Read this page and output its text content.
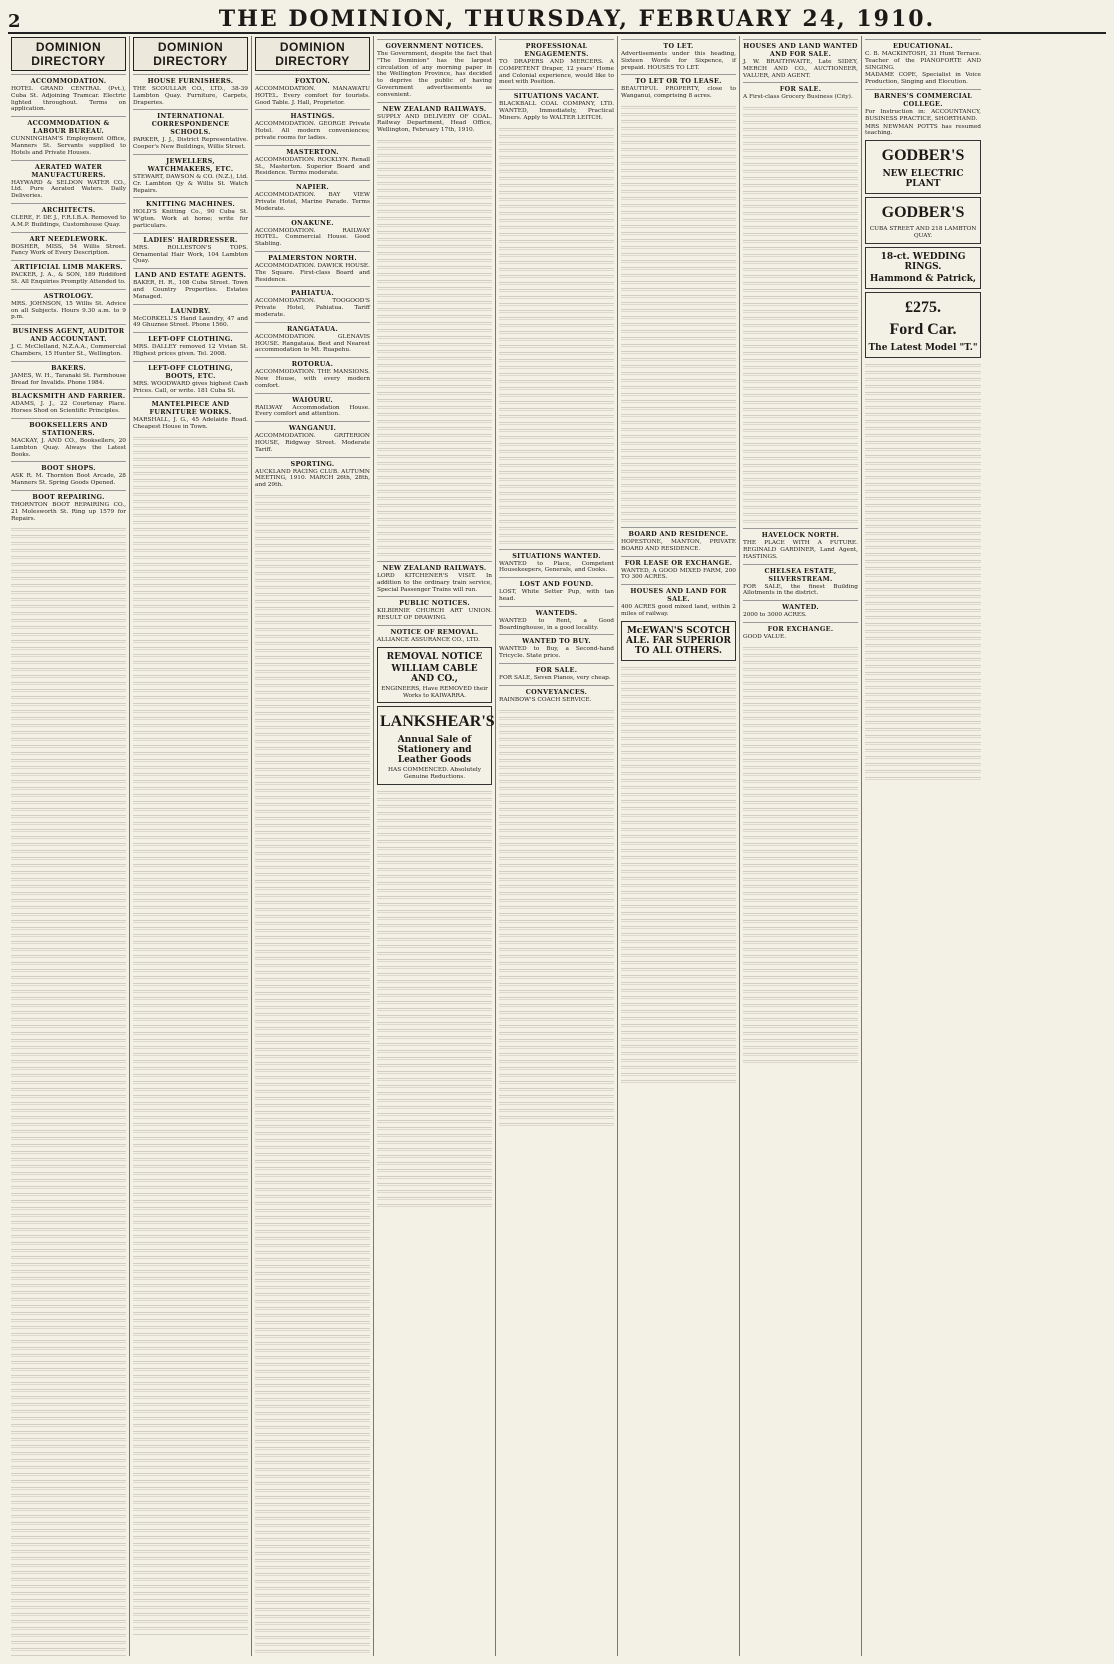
2	THE DOMINION, THURSDAY, FEBRUARY 24, 1910.
DOMINION DIRECTORY
ACCOMMODATION.
HOTEL GRAND CENTRAL (Pvt.), Cuba St. Adjoining Tramcar. Electric lighted throughout. Terms on application.
ACCOMMODATION & LABOUR BUREAU.
CUNNINGHAM'S Employment Office, Manners St. Servants supplied to Hotels and Private Houses.
AERATED WATER MANUFACTURERS.
HAYWARD & SELDON WATER CO., Ltd. Pure Aerated Waters. Daily Deliveries.
ARCHITECTS.
CLERE, F. DE J., F.R.I.B.A. Removed to A.M.P. Buildings, Customhouse Quay.
ART NEEDLEWORK.
BOSHER, MISS, 54 Willis Street. Fancy Work of Every Description.
ARTIFICIAL LIMB MAKERS.
PACKER, J. A., & SON, 189 Riddiford St. All Enquiries Promptly Attended to.
ASTROLOGY.
MRS. JOHNSON, 15 Willis St. Advice on all Subjects. Hours 9.30 a.m. to 9 p.m.
BUSINESS AGENT, AUDITOR AND ACCOUNTANT.
J. C. McClelland, N.Z.A.A., Commercial Chambers, 15 Hunter St., Wellington.
BAKERS.
JAMES, W. H., Taranaki St. Farmhouse Bread for Invalids. Phone 1984.
BLACKSMITH AND FARRIER.
ADAMS, J. J., 22 Courtenay Place. Horses Shod on Scientific Principles.
BOOKSELLERS AND STATIONERS.
MACKAY, J. AND CO., Booksellers, 20 Lambton Quay. Always the Latest Books.
BOOT SHOPS.
ASK R. M. Thornton Boot Arcade, 28 Manners St. Spring Goods Opened.
BOOT REPAIRING.
THORNTON BOOT REPAIRING CO., 21 Molesworth St. Ring up 1579 for Repairs.
DOMINION DIRECTORY
HOUSE FURNISHERS.
THE SCOULLAR CO., LTD., 38-39 Lambton Quay. Furniture, Carpets, Draperies.
INTERNATIONAL CORRESPONDENCE SCHOOLS.
PARKER, J. J., District Representative. Cooper's New Buildings, Willis Street.
JEWELLERS, WATCHMAKERS, ETC.
STEWART, DAWSON & CO. (N.Z.), Ltd. Cr. Lambton Qy & Willis St. Watch Repairs.
KNITTING MACHINES.
HOLD'S Knitting Co., 90 Cuba St. W'gton. Work at home; write for particulars.
LADIES' HAIRDRESSER.
MRS. ROLLESTON'S TOPS. Ornamental Hair Work, 104 Lambton Quay.
LAND AND ESTATE AGENTS.
BAKER, H. R., 108 Cuba Street. Town and Country Properties. Estates Managed.
LAUNDRY.
McCORKELL'S Hand Laundry, 47 and 49 Ghuznee Street. Phone 1560.
LEFT-OFF CLOTHING.
MRS. DALLEY removed 12 Vivian St. Highest prices given. Tel. 2008.
LEFT-OFF CLOTHING, BOOTS, ETC.
MRS. WOODWARD gives highest Cash Prices. Call, or write. 181 Cuba St.
MANTELPIECE AND FURNITURE WORKS.
MARSHALL, J. G., 45 Adelaide Road. Cheapest House in Town.
DOMINION DIRECTORY
FOXTON.
ACCOMMODATION. MANAWATU HOTEL. Every comfort for tourists. Good Table. J. Hall, Proprietor.
HASTINGS.
ACCOMMODATION. GEORGE Private Hotel. All modern conveniences; private rooms for ladies.
MASTERTON.
ACCOMMODATION. ROCKLYN. Renall St., Masterton. Superior Board and Residence. Terms moderate.
NAPIER.
ACCOMMODATION. BAY VIEW Private Hotel, Marine Parade. Terms Moderate.
ONAKUNE.
ACCOMMODATION. RAILWAY HOTEL. Commercial House. Good Stabling.
PALMERSTON NORTH.
ACCOMMODATION. DAWICK HOUSE. The Square. First-class Board and Residence.
PAHIATUA.
ACCOMMODATION. TOOGOOD'S Private Hotel, Pahiatua. Tariff moderate.
RANGATAUA.
ACCOMMODATION. GLENAVIS HOUSE. Rangataua. Best and Nearest accommodation to Mt. Ruapehu.
ROTORUA.
ACCOMMODATION. THE MANSIONS. New House, with every modern comfort.
WAIOURU.
RAILWAY Accommodation House. Every comfort and attention.
WANGANUI.
ACCOMMODATION. GRITERION HOUSE, Ridgway Street. Moderate Tariff.
SPORTING.
AUCKLAND RACING CLUB. AUTUMN MEETING, 1910. MARCH 26th, 28th, and 29th.
GOVERNMENT NOTICES.
The Government, despite the fact that "The Dominion" has the largest circulation of any morning paper in the Wellington Province, has decided to deprive the public of having Government advertisements as convenient.
NEW ZEALAND RAILWAYS.
SUPPLY AND DELIVERY OF COAL. Railway Department, Head Office, Wellington, February 17th, 1910.
NEW ZEALAND RAILWAYS.
LORD KITCHENER'S VISIT. In addition to the ordinary train service, Special Passenger Trains will run.
PUBLIC NOTICES.
KILBIRNIE CHURCH ART UNION. RESULT OF DRAWING.
NOTICE OF REMOVAL.
ALLIANCE ASSURANCE CO., LTD.
REMOVAL NOTICE
WILLIAM CABLE AND CO.,
ENGINEERS, Have REMOVED their Works to KAIWARRA.
LANKSHEAR'S
Annual Sale of Stationery and Leather Goods
HAS COMMENCED. Absolutely Genuine Reductions.
PROFESSIONAL ENGAGEMENTS.
TO DRAPERS AND MERCERS. A COMPETENT Draper, 12 years' Home and Colonial experience, would like to meet with Position.
SITUATIONS VACANT.
BLACKBALL COAL COMPANY, LTD. WANTED, Immediately, Practical Miners. Apply to WALTER LEITCH.
SITUATIONS WANTED.
WANTED to Place, Competent Housekeepers, Generals, and Cooks.
LOST AND FOUND.
LOST, White Setter Pup, with tan head.
WANTEDS.
WANTED to Rent, a Good Boardinghouse, in a good locality.
WANTED TO BUY.
WANTED to Buy, a Second-hand Tricycle. State price.
FOR SALE.
FOR SALE, Seven Pianos, very cheap.
CONVEYANCES.
RAINBOW'S COACH SERVICE.
TO LET.
Advertisements under this heading, Sixteen Words for Sixpence, if prepaid. HOUSES TO LET.
TO LET OR TO LEASE.
BEAUTIFUL PROPERTY, close to Wanganui, comprising 8 acres.
BOARD AND RESIDENCE.
HOPESTONE, MANTON, PRIVATE BOARD AND RESIDENCE.
FOR LEASE OR EXCHANGE.
WANTED, A GOOD MIXED FARM, 200 TO 300 ACRES.
HOUSES AND LAND FOR SALE.
400 ACRES good mixed land, within 2 miles of railway.
McEWAN'S SCOTCH ALE. FAR SUPERIOR TO ALL OTHERS.
HOUSES AND LAND WANTED AND FOR SALE.
J. W. BRAITHWAITE, Late SIDEY, MERCH AND CO., AUCTIONEER, VALUER, AND AGENT.
FOR SALE.
A First-class Grocery Business (City).
HAVELOCK NORTH.
THE PLACE WITH A FUTURE. REGINALD GARDINER, Land Agent, HASTINGS.
CHELSEA ESTATE, SILVERSTREAM.
FOR SALE, the finest Building Allotments in the district.
WANTED.
2000 to 3000 ACRES.
FOR EXCHANGE.
GOOD VALUE.
EDUCATIONAL.
C. B. MACKINTOSH, 31 Hunt Terrace. Teacher of the PIANOFORTE AND SINGING.
MADAME COPE, Specialist in Voice Production, Singing and Elocution.
BARNES'S COMMERCIAL COLLEGE.
For Instruction in: ACCOUNTANCY, BUSINESS PRACTICE, SHORTHAND.
MRS NEWMAN POTTS has resumed teaching.
GODBER'S
NEW ELECTRIC PLANT
GODBER'S
CUBA STREET AND 218 LAMBTON QUAY.
18-ct. WEDDING RINGS.
Hammond & Patrick,
£275.
Ford Car.
The Latest Model "T."
